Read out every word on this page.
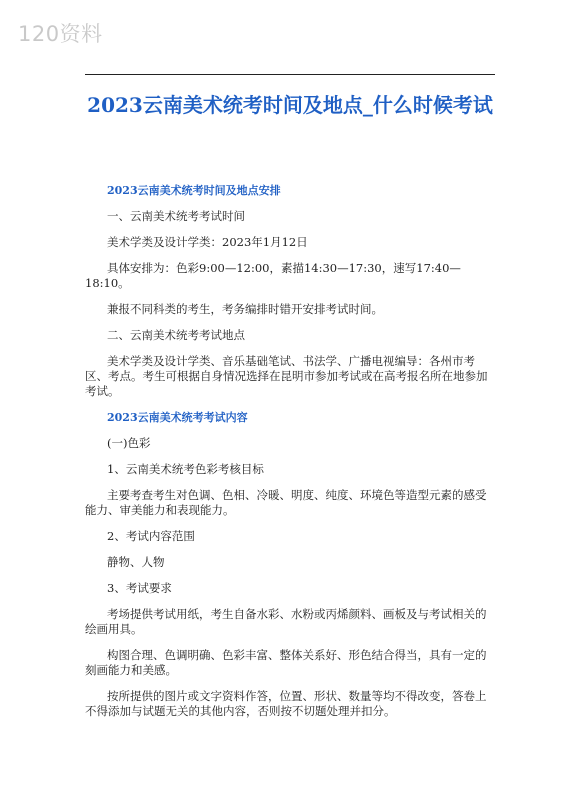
120资料
2023云南美术统考时间及地点_什么时候考试

2023云南美术统考时间及地点安排

一、云南美术统考考试时间

美术学类及设计学类：2023年1月12日

具体安排为：色彩9:00—12:00，素描14:30—17:30，速写17:40—18:10。

兼报不同科类的考生，考务编排时错开安排考试时间。

二、云南美术统考考试地点

美术学类及设计学类、音乐基础笔试、书法学、广播电视编导：各州市考区、考点。考生可根据自身情况选择在昆明市参加考试或在高考报名所在地参加考试。

2023云南美术统考考试内容

(一)色彩

1、云南美术统考色彩考核目标

主要考查考生对色调、色相、冷暖、明度、纯度、环境色等造型元素的感受能力、审美能力和表现能力。

2、考试内容范围

静物、人物

3、考试要求

考场提供考试用纸，考生自备水彩、水粉或丙烯颜料、画板及与考试相关的绘画用具。

构图合理、色调明确、色彩丰富、整体关系好、形色结合得当，具有一定的刻画能力和美感。

按所提供的图片或文字资料作答，位置、形状、数量等均不得改变，答卷上不得添加与试题无关的其他内容，否则按不切题处理并扣分。
